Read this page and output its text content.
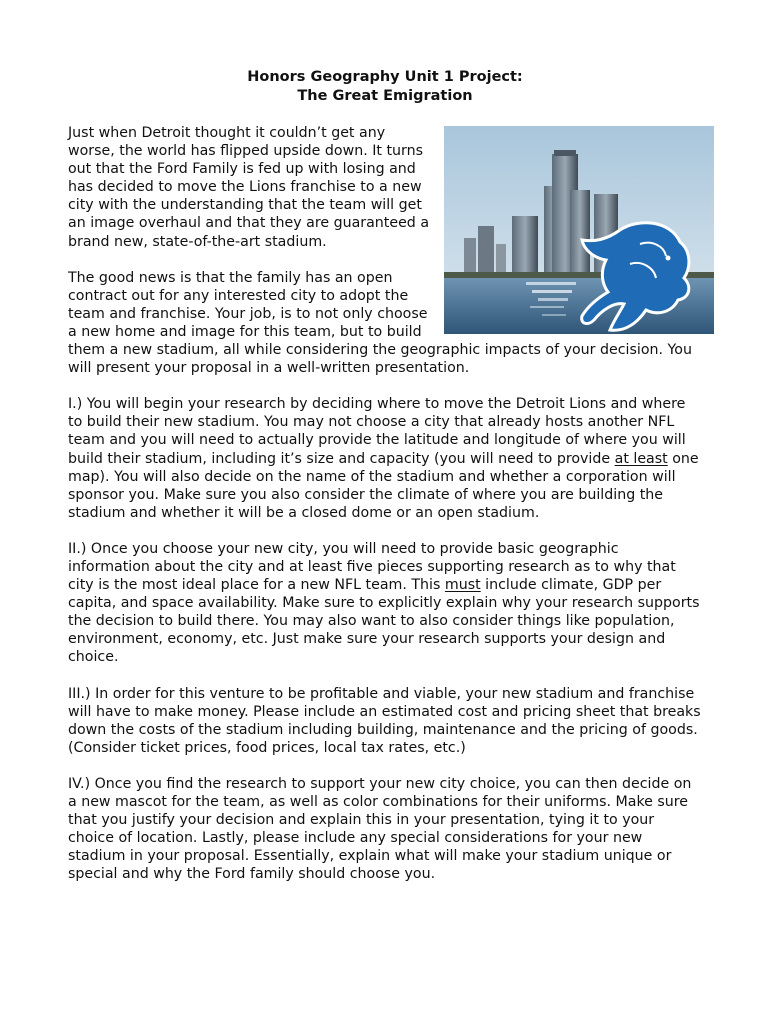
Honors Geography Unit 1 Project:
The Great Emigration

Just when Detroit thought it couldn’t get any worse, the world has flipped upside down. It turns out that the Ford Family is fed up with losing and has decided to move the Lions franchise to a new city with the understanding that the team will get an image overhaul and that they are guaranteed a brand new, state-of-the-art stadium.

The good news is that the family has an open contract out for any interested city to adopt the team and franchise. Your job, is to not only choose a new home and image for this team, but to build them a new stadium, all while considering the geographic impacts of your decision. You will present your proposal in a well-written presentation.

I.) You will begin your research by deciding where to move the Detroit Lions and where to build their new stadium. You may not choose a city that already hosts another NFL team and you will need to actually provide the latitude and longitude of where you will build their stadium, including it’s size and capacity (you will need to provide at least one map). You will also decide on the name of the stadium and whether a corporation will sponsor you. Make sure you also consider the climate of where you are building the stadium and whether it will be a closed dome or an open stadium.

II.) Once you choose your new city, you will need to provide basic geographic information about the city and at least five pieces supporting research as to why that city is the most ideal place for a new NFL team. This must include climate, GDP per capita, and space availability. Make sure to explicitly explain why your research supports the decision to build there. You may also want to also consider things like population, environment, economy, etc. Just make sure your research supports your design and choice.

III.) In order for this venture to be profitable and viable, your new stadium and franchise will have to make money. Please include an estimated cost and pricing sheet that breaks down the costs of the stadium including building, maintenance and the pricing of goods. (Consider ticket prices, food prices, local tax rates, etc.)

IV.) Once you find the research to support your new city choice, you can then decide on a new mascot for the team, as well as color combinations for their uniforms. Make sure that you justify your decision and explain this in your presentation, tying it to your choice of location. Lastly, please include any special considerations for your new stadium in your proposal. Essentially, explain what will make your stadium unique or special and why the Ford family should choose you.
